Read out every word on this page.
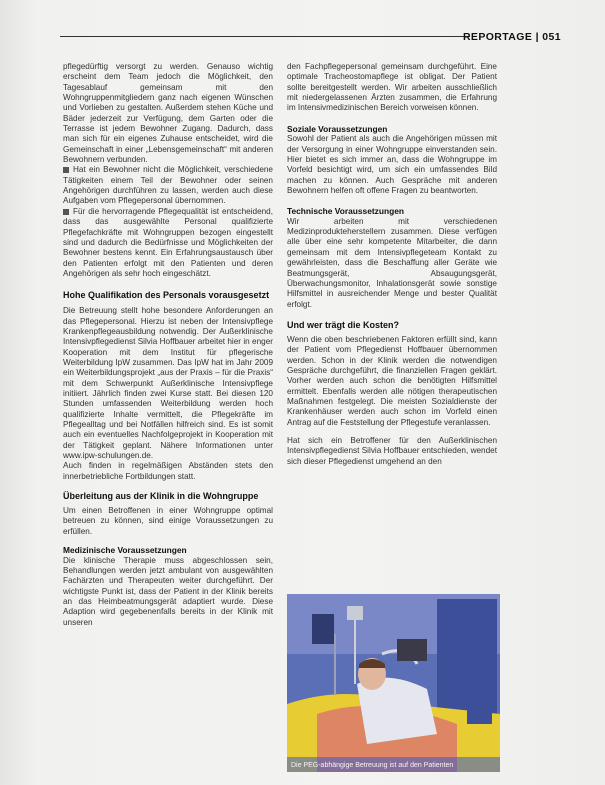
REPORTAGE | 051

pflegedürftig versorgt zu werden. Genauso wichtig erscheint dem Team jedoch die Möglichkeit, den Tagesablauf gemeinsam mit den Wohngruppenmitgliedern ganz nach eigenen Wünschen und Vorlieben zu gestalten. Außerdem stehen Küche und Bäder jederzeit zur Verfügung, dem Garten oder die Terrasse ist jedem Bewohner Zugang. Dadurch, dass man sich für ein eigenes Zuhause entscheidet, wird die Gemeinschaft in einer „Lebensgemeinschaft“ mit anderen Bewohnern verbunden.

Hat ein Bewohner nicht die Möglichkeit, verschiedene Tätigkeiten einem Teil der Bewohner oder seinen Angehörigen durchführen zu lassen, werden auch diese Aufgaben vom Pflegepersonal übernommen.

Für die hervorragende Pflegequalität ist entscheidend, dass das ausgewählte Personal qualifizierte Pflegefachkräfte mit Wohngruppen bezogen eingestellt sind und dadurch die Bedürfnisse und Möglichkeiten der Bewohner bestens kennt. Ein Erfahrungsaustausch über den Patienten erfolgt mit den Patienten und deren Angehörigen als sehr hoch eingeschätzt.

Hohe Qualifikation des Personals vorausgesetzt

Die Betreuung stellt hohe besondere Anforderungen an das Pflegepersonal. Hierzu ist neben der Intensivpflege Krankenpflegeausbildung notwendig. Der Außerklinische Intensivpflegedienst Silvia Hoffbauer arbeitet hier in enger Kooperation mit dem Institut für pflegerische Weiterbildung IpW zusammen. Das IpW hat im Jahr 2009 ein Weiterbildungsprojekt „aus der Praxis – für die Praxis“ mit dem Schwerpunkt Außerklinische Intensivpflege initiiert. Jährlich finden zwei Kurse statt. Bei diesen 120 Stunden umfassenden Weiterbildung werden hoch qualifizierte Inhalte vermittelt, die Pflegekräfte im Pflegealltag und bei Notfällen hilfreich sind. Es ist somit auch ein eventuelles Nachfolgeprojekt in Kooperation mit der Tätigkeit geplant. Nähere Informationen unter www.ipw-schulungen.de.

Auch finden in regelmäßigen Abständen stets den innerbetriebliche Fortbildungen statt.

Überleitung aus der Klinik in die Wohngruppe

Um einen Betroffenen in einer Wohngruppe optimal betreuen zu können, sind einige Voraussetzungen zu erfüllen.

Medizinische Voraussetzungen

Die klinische Therapie muss abgeschlossen sein, Behandlungen werden jetzt ambulant von ausgewählten Fachärzten und Therapeuten weiter durchgeführt. Der wichtigste Punkt ist, dass der Patient in der Klinik bereits an das Heimbeatmungsgerät adaptiert wurde. Diese Adaption wird gegebenenfalls bereits in der Klinik mit unseren

den Fachpflegepersonal gemeinsam durchgeführt. Eine optimale Tracheostomapflege ist obligat. Der Patient sollte bereitgestellt werden. Wir arbeiten ausschließlich mit niedergelassenen Ärzten zusammen, die Erfahrung im Intensivmedizinischen Bereich vorweisen können.

Soziale Voraussetzungen

Sowohl der Patient als auch die Angehörigen müssen mit der Versorgung in einer Wohngruppe einverstanden sein. Hier bietet es sich immer an, dass die Wohngruppe im Vorfeld besichtigt wird, um sich ein umfassendes Bild machen zu können. Auch Gespräche mit anderen Bewohnern helfen oft offene Fragen zu beantworten.

Technische Voraussetzungen

Wir arbeiten mit verschiedenen Medizinprodukteherstellern zusammen. Diese verfügen alle über eine sehr kompetente Mitarbeiter, die dann gemeinsam mit dem Intensivpflegeteam Kontakt zu gewährleisten, dass die Beschaffung aller Geräte wie Beatmungsgerät, Absaugungsgerät, Überwachungsmonitor, Inhalationsgerät sowie sonstige Hilfsmittel in ausreichender Menge und bester Qualität erfolgt.

Und wer trägt die Kosten?

Wenn die oben beschriebenen Faktoren erfüllt sind, kann der Patient vom Pflegedienst Hoffbauer übernommen werden. Schon in der Klinik werden die notwendigen Gespräche durchgeführt, die finanziellen Fragen geklärt. Vorher werden auch schon die benötigten Hilfsmittel ermittelt. Ebenfalls werden alle nötigen therapeutischen Maßnahmen festgelegt. Die meisten Sozialdienste der Krankenhäuser werden auch schon im Vorfeld einen Antrag auf die Feststellung der Pflegestufe veranlassen.

Hat sich ein Betroffener für den Außerklinischen Intensivpflegedienst Silvia Hoffbauer entschieden, wendet sich dieser Pflegedienst umgehend an den

Die PEG-abhängige Betreuung ist auf den Patienten
